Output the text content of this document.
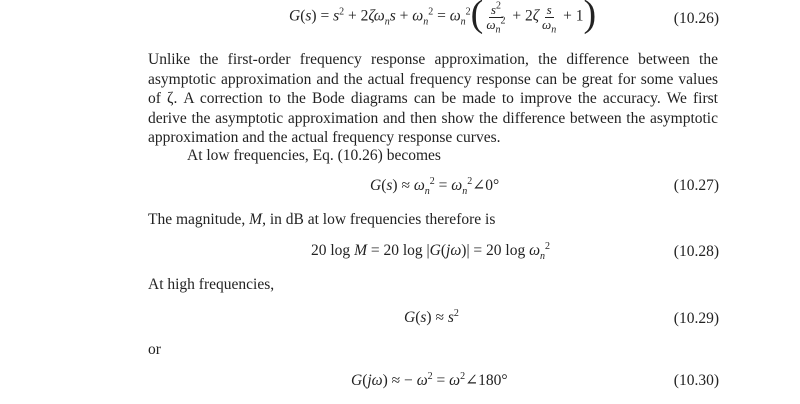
$G(s) = s^2 + 2\zeta\omega_ns + \omega_n^2 = \omega_n^2( \frac{s^2}{\omega_n^2} + 2\zeta \frac{s}{\omega_n} + 1)$	(10.26)
Unlike the first-order frequency response approximation, the difference between the asymptotic approximation and the actual frequency response can be great for some values of ζ. A correction to the Bode diagrams can be made to improve the accuracy. We first derive the asymptotic approximation and then show the difference between the asymptotic approximation and the actual frequency response curves.
At low frequencies, Eq. (10.26) becomes
$G(s) \approx \omega_n^2$ = $\omega_n^2\angle 0^\circ$	(10.27)
The magnitude, M, in dB at low frequencies therefore is
20 log M = 20 log |G(jω)| = 20 $\log \omega_n^2$	(10.28)
At high frequencies,
$G(s) \approx s^2$	(10.29)
or
G(jω) ≈ − $\omega^2$ = $\omega^2\angle 180^\circ$	(10.30)
